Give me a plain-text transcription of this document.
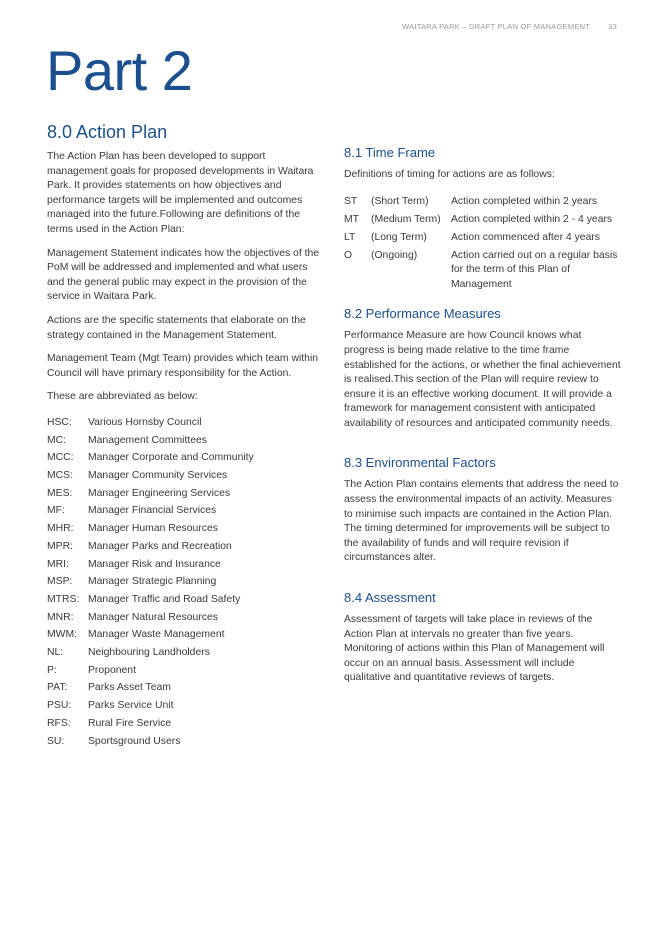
WAITARA PARK – DRAFT PLAN OF MANAGEMENT 33
Part 2
8.0 Action Plan

The Action Plan has been developed to support management goals for proposed developments in Waitara Park. It provides statements on how objectives and performance targets will be implemented and outcomes managed into the future.Following are definitions of the terms used in the Action Plan:

Management Statement indicates how the objectives of the PoM will be addressed and implemented and what users and the general public may expect in the provision of the service in Waitara Park.

Actions are the specific statements that elaborate on the strategy contained in the Management Statement.

Management Team (Mgt Team) provides which team within Council will have primary responsibility for the Action.

These are abbreviated as below:

HSC:	Various Hornsby Council
MC:	Management Committees
MCC:	Manager Corporate and Community
MCS:	Manager Community Services
MES:	Manager Engineering Services
MF:	Manager Financial Services
MHR:	Manager Human Resources
MPR:	Manager Parks and Recreation
MRI:	Manager Risk and Insurance
MSP:	Manager Strategic Planning
MTRS: Manager Traffic and Road Safety
MNR:	Manager Natural Resources
MWM:	Manager Waste Management
NL:	Neighbouring Landholders
P:	Proponent
PAT:	Parks Asset Team
PSU:	Parks Service Unit
RFS:	Rural Fire Service
SU:	Sportsground Users
8.1 Time Frame

Definitions of timing for actions are as follows:

ST	(Short Term)	Action completed within 2 years
MT	(Medium Term) Action completed within 2 - 4 years
LT	(Long Term)	Action commenced after 4 years
O	(Ongoing)	Action carried out on a regular basis for the term of this Plan of Management
8.2 Performance Measures

Performance Measure are how Council knows what progress is being made relative to the time frame established for the actions, or whether the final achievement is realised.This section of the Plan will require review to ensure it is an effective working document. It will provide a framework for management consistent with anticipated availability of resources and anticipated community needs.

8.3 Environmental Factors

The Action Plan contains elements that address the need to assess the environmental impacts of an activity. Measures to minimise such impacts are contained in the Action Plan. The timing determined for improvements will be subject to the availability of funds and will require revision if circumstances alter.

8.4 Assessment

Assessment of targets will take place in reviews of the Action Plan at intervals no greater than five years. Monitoring of actions within this Plan of Management will occur on an annual basis. Assessment will include qualitative and quantitative reviews of targets.
